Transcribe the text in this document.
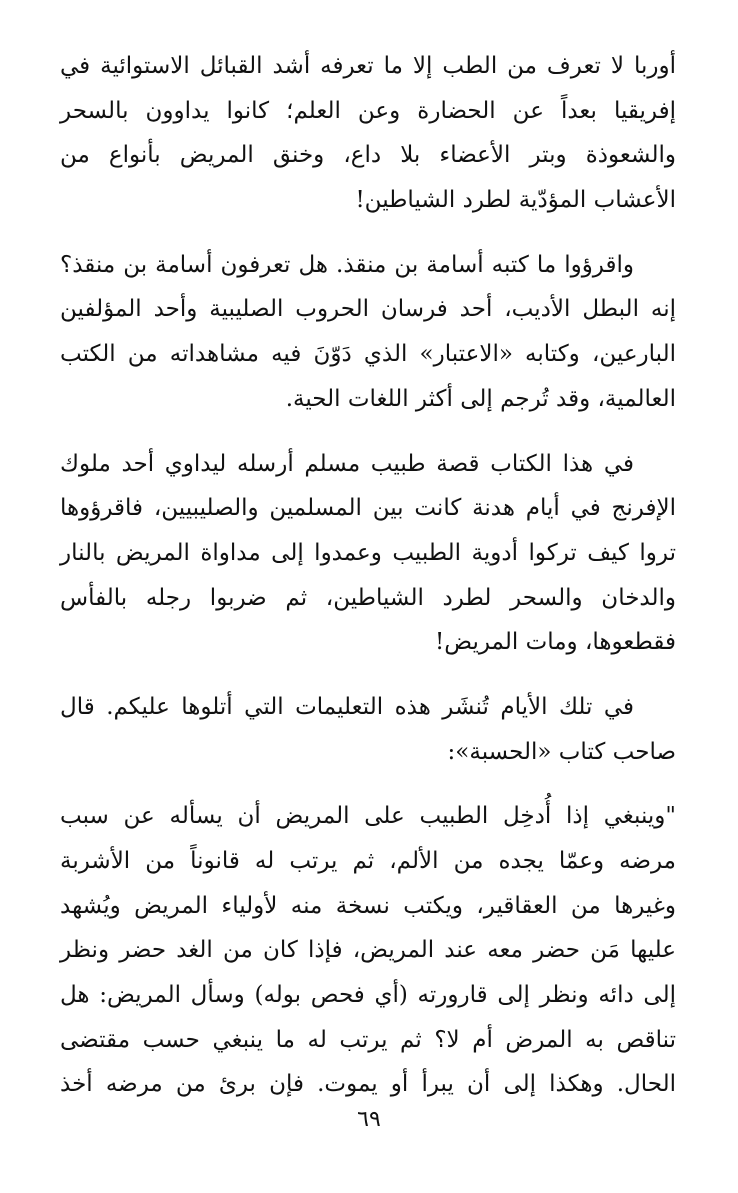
أوربا لا تعرف من الطب إلا ما تعرفه أشد القبائل الاستوائية في
إفريقيا بعداً عن الحضارة وعن العلم؛ كانوا يداوون بالسحر
والشعوذة وبتر الأعضاء بلا داع، وخنق المريض بأنواع من
الأعشاب المؤدّية لطرد الشياطين!
واقرؤوا ما كتبه أسامة بن منقذ. هل تعرفون أسامة بن منقذ؟
إنه البطل الأديب، أحد فرسان الحروب الصليبية وأحد المؤلفين
البارعين، وكتابه «الاعتبار» الذي دَوّنَ فيه مشاهداته من الكتب
العالمية، وقد تُرجم إلى أكثر اللغات الحية.
في هذا الكتاب قصة طبيب مسلم أرسله ليداوي أحد ملوك
الإفرنج في أيام هدنة كانت بين المسلمين والصليبيين، فاقرؤوها
تروا كيف تركوا أدوية الطبيب وعمدوا إلى مداواة المريض بالنار
والدخان والسحر لطرد الشياطين، ثم ضربوا رجله بالفأس
فقطعوها، ومات المريض!
في تلك الأيام تُنشَر هذه التعليمات التي أتلوها عليكم. قال
صاحب كتاب «الحسبة»:
"وينبغي إذا أُدخِل الطبيب على المريض أن يسأله عن سبب
مرضه وعمّا يجده من الألم، ثم يرتب له قانوناً من الأشربة
وغيرها من العقاقير، ويكتب نسخة منه لأولياء المريض ويُشهد
عليها مَن حضر معه عند المريض، فإذا كان من الغد حضر ونظر
إلى دائه ونظر إلى قارورته (أي فحص بوله) وسأل المريض: هل
تناقص به المرض أم لا؟ ثم يرتب له ما ينبغي حسب مقتضى
الحال. وهكذا إلى أن يبرأ أو يموت. فإن برئ من مرضه أخذ
٦٩
